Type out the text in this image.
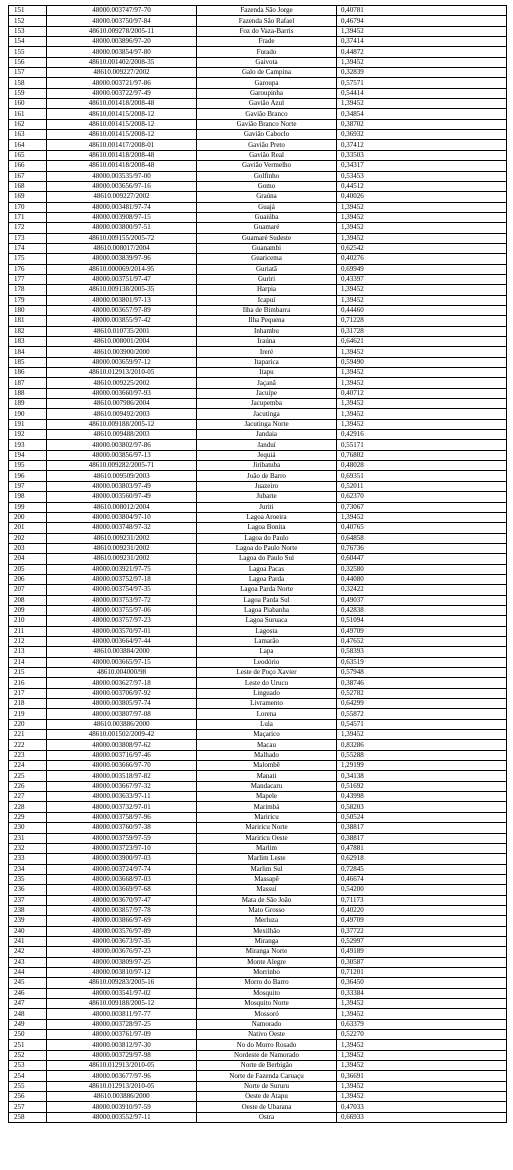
151	48000.003747/97-70	Fazenda São Jorge	0,40781
152	48000.003750/97-84	Fazenda São Rafael	0,46794
153	48610.009278/2005-11	Foz do Vaza-Barris	1,39452
154	48000.003896/97-20	Frade	0,37414
155	48000.003854/97-80	Furado	0,44872
156	48610.001402/2008-35	Gaivota	1,39452
157	48610.009227/2002	Galo de Campina	0,32839
158	48000.003721/97-86	Garoupa	0,57571
159	48000.003722/97-49	Garoupinha	0,54414
160	48610.001418/2008-48	Gavião Azul	1,39452
161	48610.001415/2008-12	Gavião Branco	0,34854
162	48610.001415/2008-12	Gavião Branco Norte	0,38702
163	48610.001415/2008-12	Gavião Caboclo	0,36932
164	48610.001417/2008-01	Gavião Preto	0,37412
165	48610.001418/2008-48	Gavião Real	0,33503
166	48610.001418/2008-48	Gavião Vermelho	0,34317
167	48000.003535/97-00	Golfinho	0,53453
168	48000.003656/97-16	Gomo	0,44512
169	48610.009227/2002	Graúna	0,40026
170	48000.003481/97-74	Guajá	1,39452
171	48000.003908/97-15	Guaiúba	1,39452
172	48000.003800/97-51	Guamaré	1,39452
173	48610.009155/2005-72	Guamaré Sudeste	1,39452
174	48610.008017/2004	Guanambi	0,62542
175	48000.003839/97-96	Guaricema	0,40276
176	48610.000069/2014-95	Guriatã	0,69949
177	48000.003751/97-47	Guriri	0,43397
178	48610.009138/2005-35	Harpia	1,39452
179	48000.003801/97-13	Icapuí	1,39452
180	48000.003657/97-89	Ilha de Bimbarra	0,44460
181	48000.003855/97-42	Ilha Pequena	0,71228
182	48610.010735/2001	Inhambu	0,31728
183	48610.008001/2004	Iraúna	0,64621
184	48610.003900/2000	Ireré	1,39452
185	48000.003659/97-12	Itaparica	0,59490
186	48610.012913/2010-05	Itapu	1,39452
187	48610.009225/2002	Jaçanã	1,39452
188	48000.003660/97-93	Jacuípe	0,40712
189	48610.007986/2004	Jacupemba	1,39452
190	48610.009492/2003	Jacutinga	1,39452
191	48610.009188/2005-12	Jacutinga Norte	1,39452
192	48610.009488/2003	Jandaia	0,42916
193	48000.003802/97-86	Janduí	0,55171
194	48000.003856/97-13	Jequiá	0,76802
195	48610.009282/2005-71	Jiribatuba	0,48028
196	48610.009509/2003	João de Barro	0,69351
197	48000.003803/97-49	Juazeiro	0,52011
198	48000.003560/97-49	Jubarte	0,62370
199	48610.008012/2004	Juriti	0,73067
200	48000.003804/97-10	Lagoa Aroeira	1,39452
201	48000.003748/97-32	Lagoa Bonita	0,40765
202	48610.009231/2002	Lagoa do Paulo	0,64858
203	48610.009231/2002	Lagoa do Paulo Norte	0,76736
204	48610.009231/2002	Lagoa do Paulo Sul	0,60447
205	48000.003921/97-75	Lagoa Pacas	0,32580
206	48000.003752/97-18	Lagoa Parda	0,44080
207	48000.003754/97-35	Lagoa Parda Norte	0,32422
208	48000.003753/97-72	Lagoa Parda Sul	0,49037
209	48000.003755/97-06	Lagoa Piabanha	0,42838
210	48000.003757/97-23	Lagoa Suruaca	0,51094
211	48000.003570/97-01	Lagosta	0,49709
212	48000.003664/97-44	Lamarão	0,47652
213	48610.003884/2000	Lapa	0,58393
214	48000.003665/97-15	Leodório	0,63519
215	48610.004000/98	Leste de Poço Xavier	0,57948
216	48000.003627/97-18	Leste do Urucu	0,38746
217	48000.003706/97-92	Linguado	0,52782
218	48000.003805/97-74	Livramento	0,64299
219	48000.003807/97-08	Lorena	0,55872
220	48610.003886/2000	Lula	0,54571
221	48610.001502/2009-42	Maçarico	1,39452
222	48000.003808/97-62	Macau	0,83286
223	48000.003716/97-46	Malhado	0,55288
224	48000.003666/97-70	Malombê	1,29199
225	48000.003518/97-82	Manati	0,34138
226	48000.003667/97-32	Mandacaru	0,51692
227	48000.003633/97-11	Mapele	0,43998
228	48000.003732/97-01	Marimbá	0,58203
229	48000.003758/97-96	Mariricu	0,50524
230	48000.003760/97-38	Mariricu Norte	0,38817
231	48000.003759/97-59	Mariricu Oeste	0,38817
232	48000.003723/97-10	Marlim	0,47881
233	48000.003900/97-03	Marlim Leste	0,62918
234	48000.003724/97-74	Marlim Sul	0,72845
235	48000.003668/97-03	Massapê	0,46674
236	48000.003669/97-68	Massuí	0,54200
237	48000.003670/97-47	Mata de São João	0,71173
238	48000.003857/97-78	Mato Grosso	0,40220
239	48000.003866/97-69	Merluza	0,49709
240	48000.003576/97-89	Mexilhão	0,37722
241	48000.003673/97-35	Miranga	0,52997
242	48000.003676/97-23	Miranga Norte	0,49189
243	48000.003809/97-25	Monte Alegre	0,30587
244	48000.003810/97-12	Morrinho	0,71201
245	48610.009283/2005-16	Morro do Barro	0,36450
246	48000.003541/97-02	Mosquito	0,33384
247	48610.009188/2005-12	Mosquito Norte	1,39452
248	48000.003811/97-77	Mossoró	1,39452
249	48000.003728/97-25	Namorado	0,63379
250	48000.003761/97-09	Nativo Oeste	0,52270
251	48000.003812/97-30	No do Morro Rosado	1,39452
252	48000.003729/97-98	Nordeste de Namorado	1,39452
253	48610.012913/2010-05	Norte de Berbigão	1,39452
254	48000.003677/97-96	Norte de Fazenda Caruaçu	0,36691
255	48610.012913/2010-05	Norte de Sururu	1,39452
256	48610.003886/2000	Oeste de Atapu	1,39452
257	48000.003910/97-59	Oeste de Ubarana	0,47033
258	48000.003552/97-11	Ostra	0,66933
